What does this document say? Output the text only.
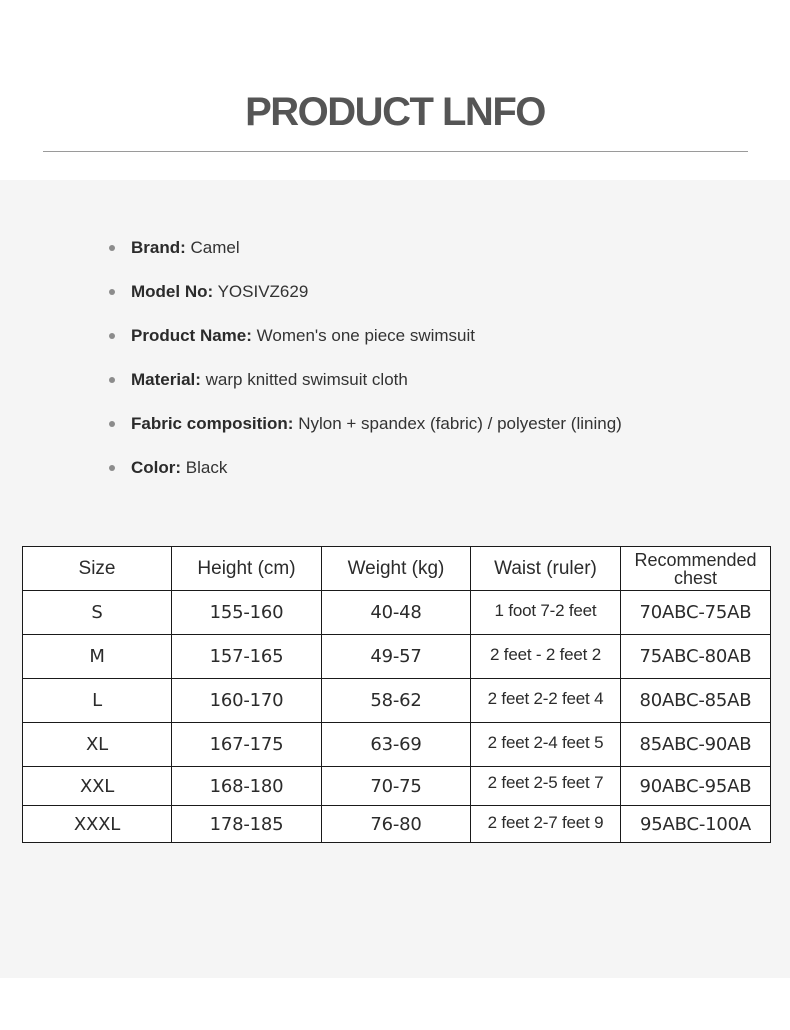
PRODUCT LNFO
Brand: Camel
Model No: YOSIVZ629
Product Name: Women's one piece swimsuit
Material: warp knitted swimsuit cloth
Fabric composition: Nylon + spandex (fabric) / polyester (lining)
Color: Black
Size	Height (cm)	Weight (kg)	Waist (ruler)	Recommended
chest

S	155-160	40-48	1 foot 7-2 feet	70ABC-75AB
M	157-165	49-57	2 feet - 2 feet 2	75ABC-80AB
L	160-170	58-62	2 feet 2-2 feet 4	80ABC-85AB
XL	167-175	63-69	2 feet 2-4 feet 5	85ABC-90AB
XXL	168-180	70-75	2 feet 2-5 feet 7	90ABC-95AB
XXXL	178-185	76-80	2 feet 2-7 feet 9	95ABC-100A
